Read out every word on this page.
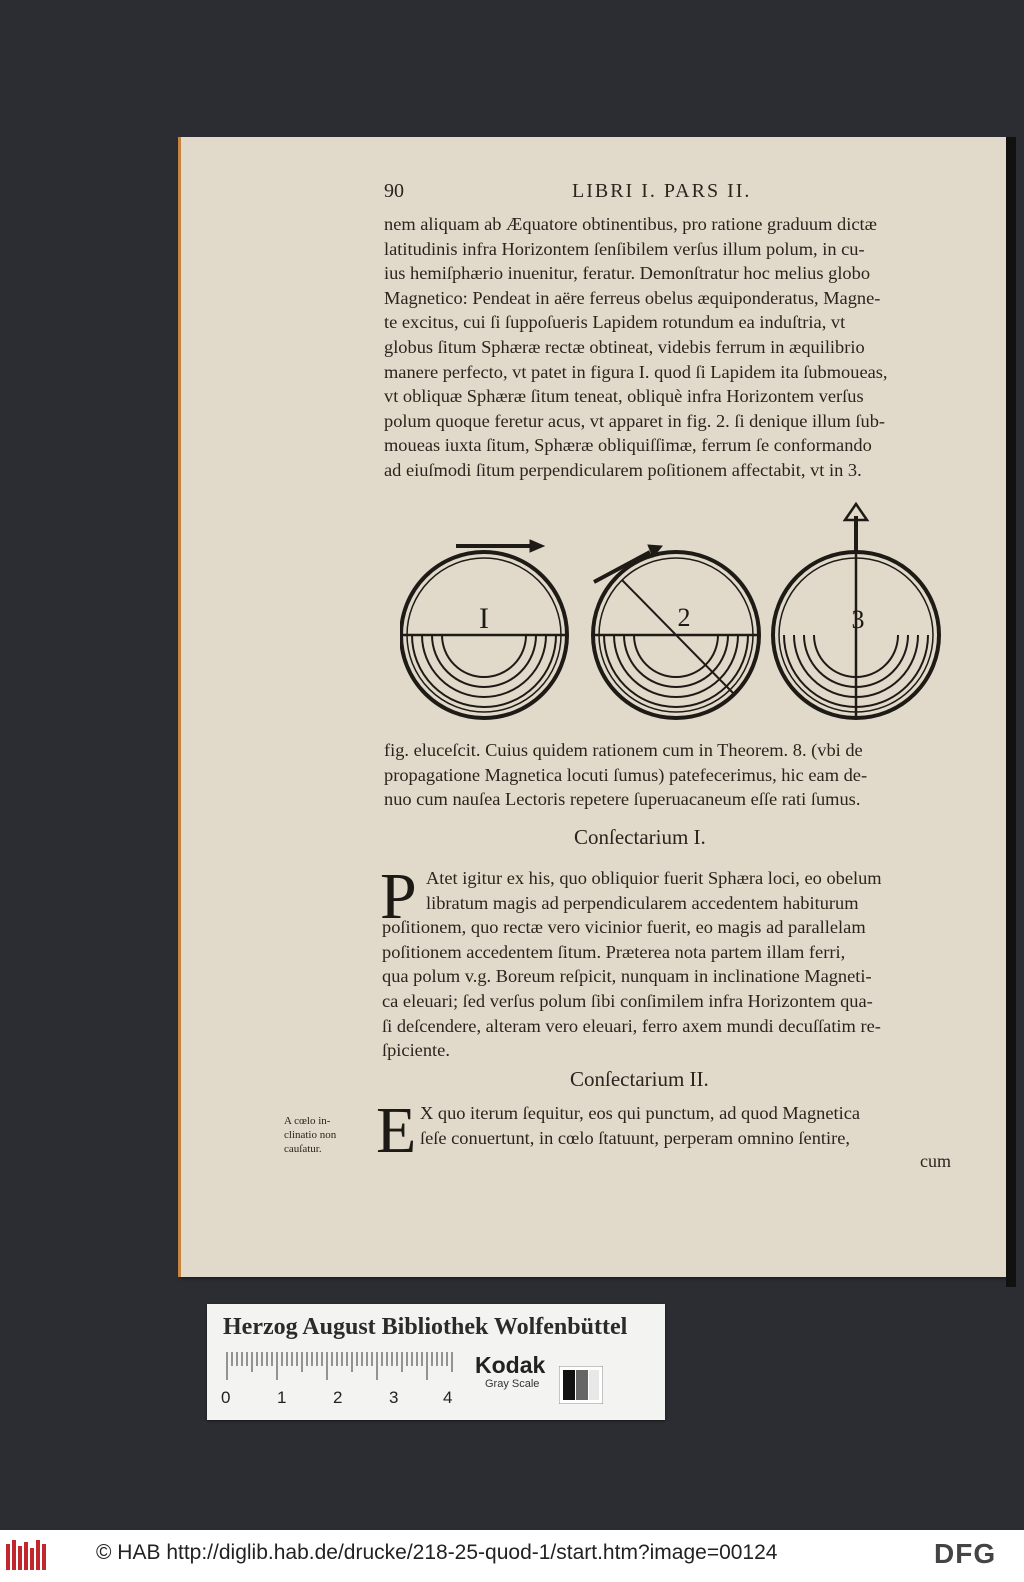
90	LIBRI I. PARS II.
nem aliquam ab Æquatore obtinentibus, pro ratione graduum dictæ
latitudinis infra Horizontem ſenſibilem verſus illum polum, in cu-
ius hemiſphærio inuenitur, feratur. Demonſtratur hoc melius globo
Magnetico: Pendeat in aëre ferreus obelus æquiponderatus, Magne-
te excitus, cui ſi ſuppoſueris Lapidem rotundum ea induſtria, vt
globus ſitum Sphæræ rectæ obtineat, videbis ferrum in æquilibrio
manere perfecto, vt patet in figura I. quod ſi Lapidem ita ſubmoueas,
vt obliquæ Sphæræ ſitum teneat, obliquè infra Horizontem verſus
polum quoque feretur acus, vt apparet in fig. 2. ſi denique illum ſub-
moueas iuxta ſitum, Sphæræ obliquiſſimæ, ferrum ſe conformando
ad eiuſmodi ſitum perpendicularem poſitionem affectabit, vt in 3.
I	2	3
fig. eluceſcit. Cuius quidem rationem cum in Theorem. 8. (vbi de
propagatione Magnetica locuti ſumus) patefecerimus, hic eam de-
nuo cum nauſea Lectoris repetere ſuperuacaneum eſſe rati ſumus.
Conſectarium I.
P Atet igitur ex his, quo obliquior fuerit Sphæra loci, eo obelum
libratum magis ad perpendicularem accedentem habiturum
poſitionem, quo rectæ vero vicinior fuerit, eo magis ad parallelam
poſitionem accedentem ſitum. Præterea nota partem illam ferri,
qua polum v.g. Boreum reſpicit, nunquam in inclinatione Magneti-
ca eleuari; ſed verſus polum ſibi conſimilem infra Horizontem qua-
ſi deſcendere, alteram vero eleuari, ferro axem mundi decuſſatim re-
ſpiciente.
Conſectarium II.
A cœlo in-
clinatio non
cauſatur. E X quo iterum ſequitur, eos qui punctum, ad quod Magnetica
ſeſe conuertunt, in cœlo ſtatuunt, perperam omnino ſentire,
cum
Herzog August Bibliothek Wolfenbüttel
0	1	2	3	4
Kodak
Gray Scale
© HAB http://diglib.hab.de/drucke/218-25-quod-1/start.htm?image=00124	DFG
